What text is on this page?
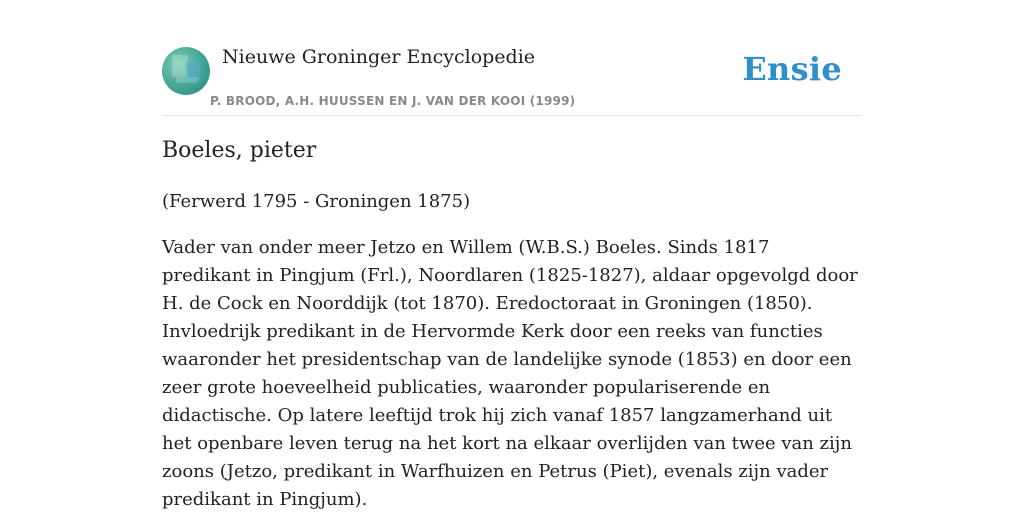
Nieuwe Groninger Encyclopedie
P. BROOD, A.H. HUUSSEN EN J. VAN DER KOOI (1999)
Ensie
Boeles, pieter

(Ferwerd 1795 - Groningen 1875)

Vader van onder meer Jetzo en Willem (W.B.S.) Boeles. Sinds 1817 predikant in Pingjum (Frl.), Noordlaren (1825-1827), aldaar opgevolgd door H. de Cock en Noorddijk (tot 1870). Eredoctoraat in Groningen (1850). Invloedrijk predikant in de Hervormde Kerk door een reeks van functies waaronder het presidentschap van de landelijke synode (1853) en door een zeer grote hoeveelheid publicaties, waaronder populariserende en didactische. Op latere leeftijd trok hij zich vanaf 1857 langzamerhand uit het openbare leven terug na het kort na elkaar overlijden van twee van zijn zoons (Jetzo, predikant in Warfhuizen en Petrus (Piet), evenals zijn vader predikant in Pingjum).
